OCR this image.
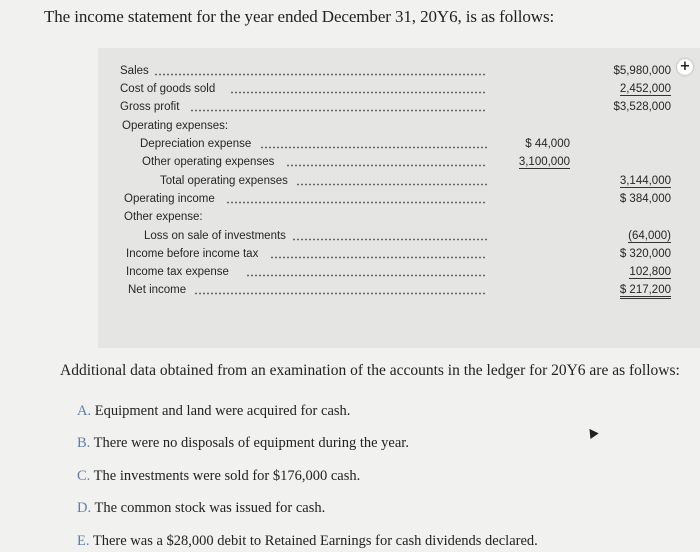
The income statement for the year ended December 31, 20Y6, is as follows:
Sales	$5,980,000
Cost of goods sold	2,452,000
Gross profit	$3,528,000
Operating expenses:
Depreciation expense	$ 44,000
Other operating expenses	3,100,000
Total operating expenses	3,144,000
Operating income	$ 384,000
Other expense:
Loss on sale of investments	(64,000)
Income before income tax	$ 320,000
Income tax expense	102,800
Net income	$ 217,200
+
Additional data obtained from an examination of the accounts in the ledger for 20Y6 are as follows:
A. Equipment and land were acquired for cash.
B. There were no disposals of equipment during the year.
C. The investments were sold for $176,000 cash.
D. The common stock was issued for cash.
E. There was a $28,000 debit to Retained Earnings for cash dividends declared.
